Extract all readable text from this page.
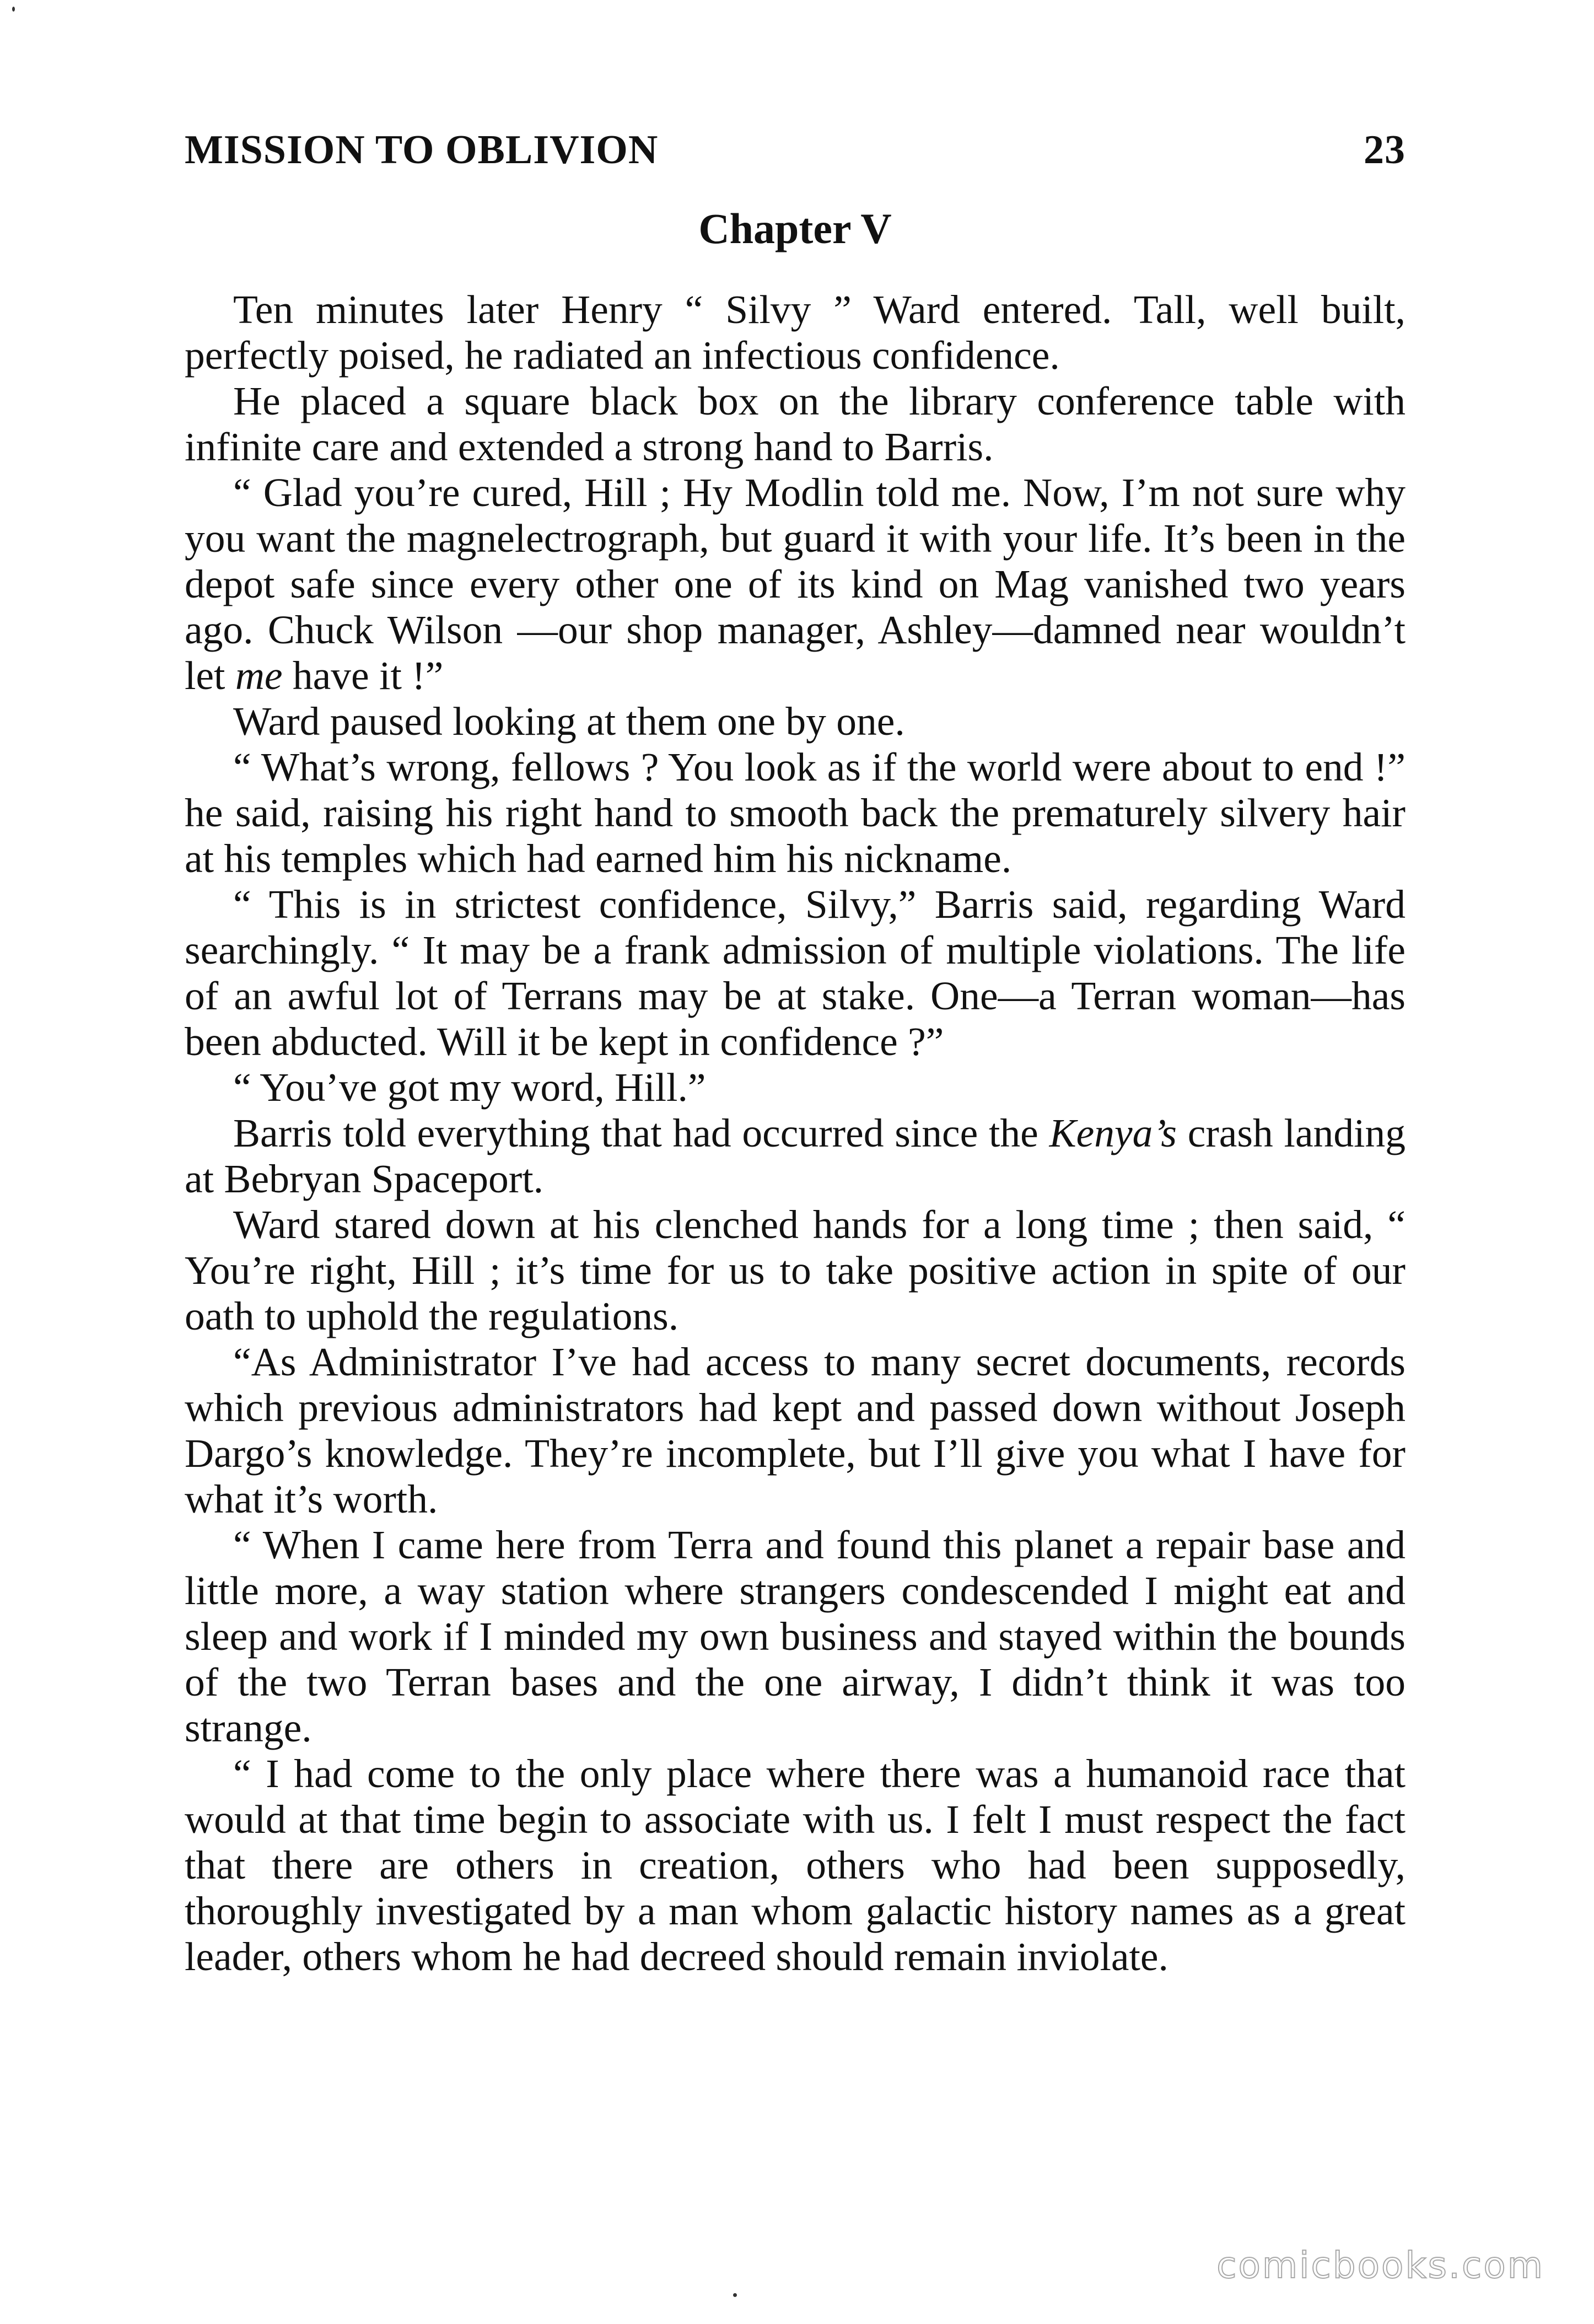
MISSION TO OBLIVION	23
Chapter V

Ten minutes later Henry “ Silvy ” Ward entered. Tall, well built, perfectly poised, he radiated an infectious confidence.

He placed a square black box on the library conference table with infinite care and extended a strong hand to Barris.

“ Glad you’re cured, Hill ; Hy Modlin told me. Now, I’m not sure why you want the magnelectrograph, but guard it with your life. It’s been in the depot safe since every other one of its kind on Mag vanished two years ago. Chuck Wilson —our shop manager, Ashley—damned near wouldn’t let me have it !”

Ward paused looking at them one by one.

“ What’s wrong, fellows ? You look as if the world were about to end !” he said, raising his right hand to smooth back the prematurely silvery hair at his temples which had earned him his nickname.

“ This is in strictest confidence, Silvy,” Barris said, regarding Ward searchingly. “ It may be a frank admission of multiple violations. The life of an awful lot of Terrans may be at stake. One—a Terran woman—has been abducted. Will it be kept in confidence ?”

“ You’ve got my word, Hill.”

Barris told everything that had occurred since the Kenya’s crash landing at Bebryan Spaceport.

Ward stared down at his clenched hands for a long time ; then said, “ You’re right, Hill ; it’s time for us to take positive action in spite of our oath to uphold the regulations.

“As Administrator I’ve had access to many secret documents, records which previous administrators had kept and passed down without Joseph Dargo’s knowledge. They’re incomplete, but I’ll give you what I have for what it’s worth.

“ When I came here from Terra and found this planet a repair base and little more, a way station where strangers condescended I might eat and sleep and work if I minded my own business and stayed within the bounds of the two Terran bases and the one airway, I didn’t think it was too strange.

“ I had come to the only place where there was a humanoid race that would at that time begin to associate with us. I felt I must respect the fact that there are others in creation, others who had been supposedly, thoroughly investigated by a man whom galactic history names as a great leader, others whom he had decreed should remain inviolate.

comicbooks.com
